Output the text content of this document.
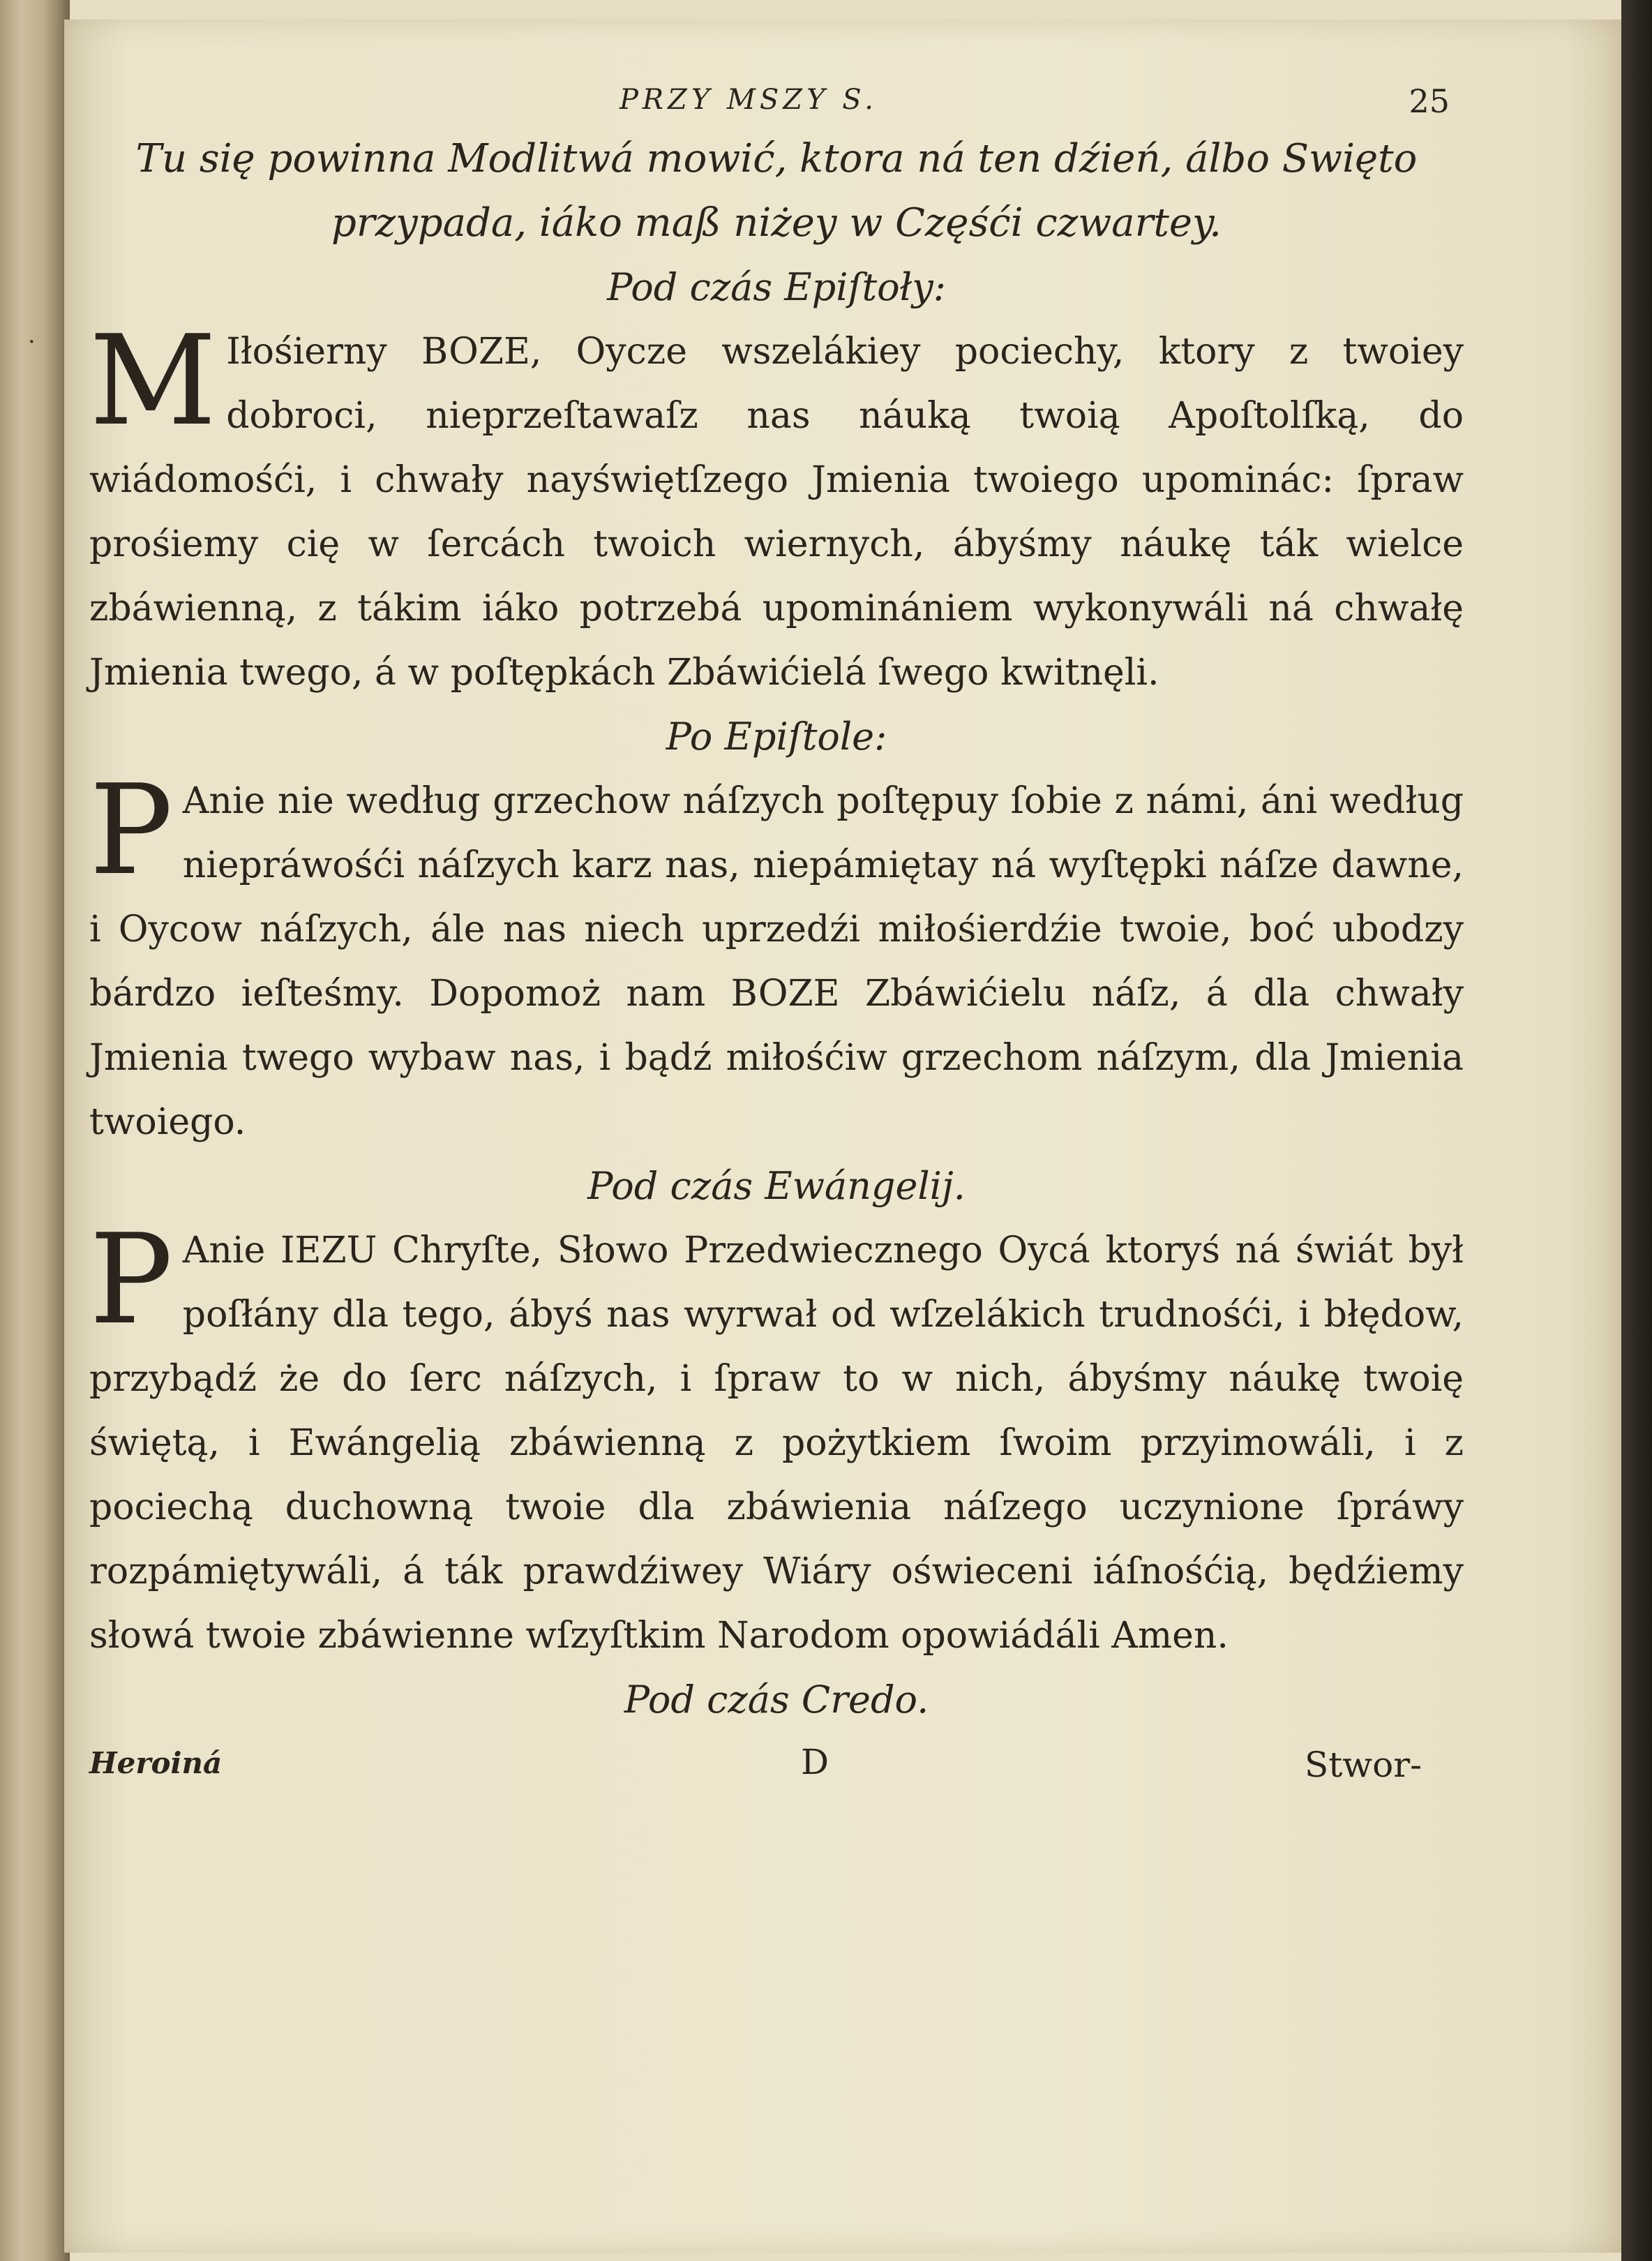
·
PRZY MSZY S.	25

Tu się powinna Modlitwá mowić, ktora ná ten dźień, álbo Swięto przypada, iáko maß niżey w Częśći czwartey.

Pod czás Epiſtoły:

M Iłośierny BOZE, Oycze wszelákiey pociechy, ktory z twoiey dobroci, nieprzeſtawaſz nas náuką twoią Apoſtolſką, do wiádomośći, i chwały nayświętſzego Jmienia twoiego upominác: ſpraw prośiemy cię w ſercách twoich wiernych, ábyśmy náukę ták wielce zbáwienną, z tákim iáko potrzebá upominániem wykonywáli ná chwałę Jmienia twego, á w poſtępkách Zbáwićielá ſwego kwitnęli.

Po Epiſtole:

P Anie nie według grzechow náſzych poſtępuy ſobie z námi, áni według niepráwośći náſzych karz nas, niepámiętay ná wyſtępki náſze dawne, i Oycow náſzych, ále nas niech uprzedźi miłośierdźie twoie, boć ubodzy bárdzo ieſteśmy. Dopomoż nam BOZE Zbáwićielu náſz, á dla chwały Jmienia twego wybaw nas, i bądź miłośćiw grzechom náſzym, dla Jmienia twoiego.

Pod czás Ewángelij.

P Anie IEZU Chryſte, Słowo Przedwiecznego Oycá ktoryś ná świát był poſłány dla tego, ábyś nas wyrwał od wſzelákich trudnośći, i błędow, przybądź że do ſerc náſzych, i ſpraw to w nich, ábyśmy náukę twoię świętą, i Ewángelią zbáwienną z pożytkiem ſwoim przyimowáli, i z pociechą duchowną twoie dla zbáwienia náſzego uczynione ſpráwy rozpámiętywáli, á ták prawdźiwey Wiáry oświeceni iáſnośćią, będźiemy słowá twoie zbáwienne wſzyſtkim Narodom opowiádáli Amen.

Pod czás Credo.

Heroiná	D	Stwor-
